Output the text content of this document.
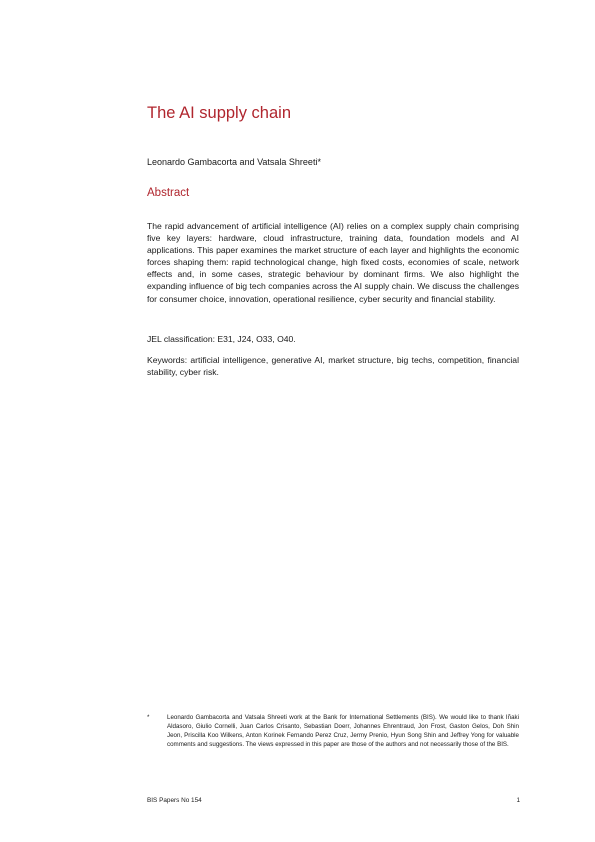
The AI supply chain
Leonardo Gambacorta and Vatsala Shreeti*
Abstract

The rapid advancement of artificial intelligence (AI) relies on a complex supply chain comprising five key layers: hardware, cloud infrastructure, training data, foundation models and AI applications. This paper examines the market structure of each layer and highlights the economic forces shaping them: rapid technological change, high fixed costs, economies of scale, network effects and, in some cases, strategic behaviour by dominant firms. We also highlight the expanding influence of big tech companies across the AI supply chain. We discuss the challenges for consumer choice, innovation, operational resilience, cyber security and financial stability.

JEL classification: E31, J24, O33, O40.

Keywords: artificial intelligence, generative AI, market structure, big techs, competition, financial stability, cyber risk.

*	Leonardo Gambacorta and Vatsala Shreeti work at the Bank for International Settlements (BIS). We would like to thank Iñaki Aldasoro, Giulio Cornelli, Juan Carlos Crisanto, Sebastian Doerr, Johannes Ehrentraud, Jon Frost, Gaston Gelos, Doh Shin Jeon, Priscilla Koo Wilkens, Anton Korinek Fernando Perez Cruz, Jermy Prenio, Hyun Song Shin and Jeffrey Yong for valuable comments and suggestions. The views expressed in this paper are those of the authors and not necessarily those of the BIS.
BIS Papers No 154	1
